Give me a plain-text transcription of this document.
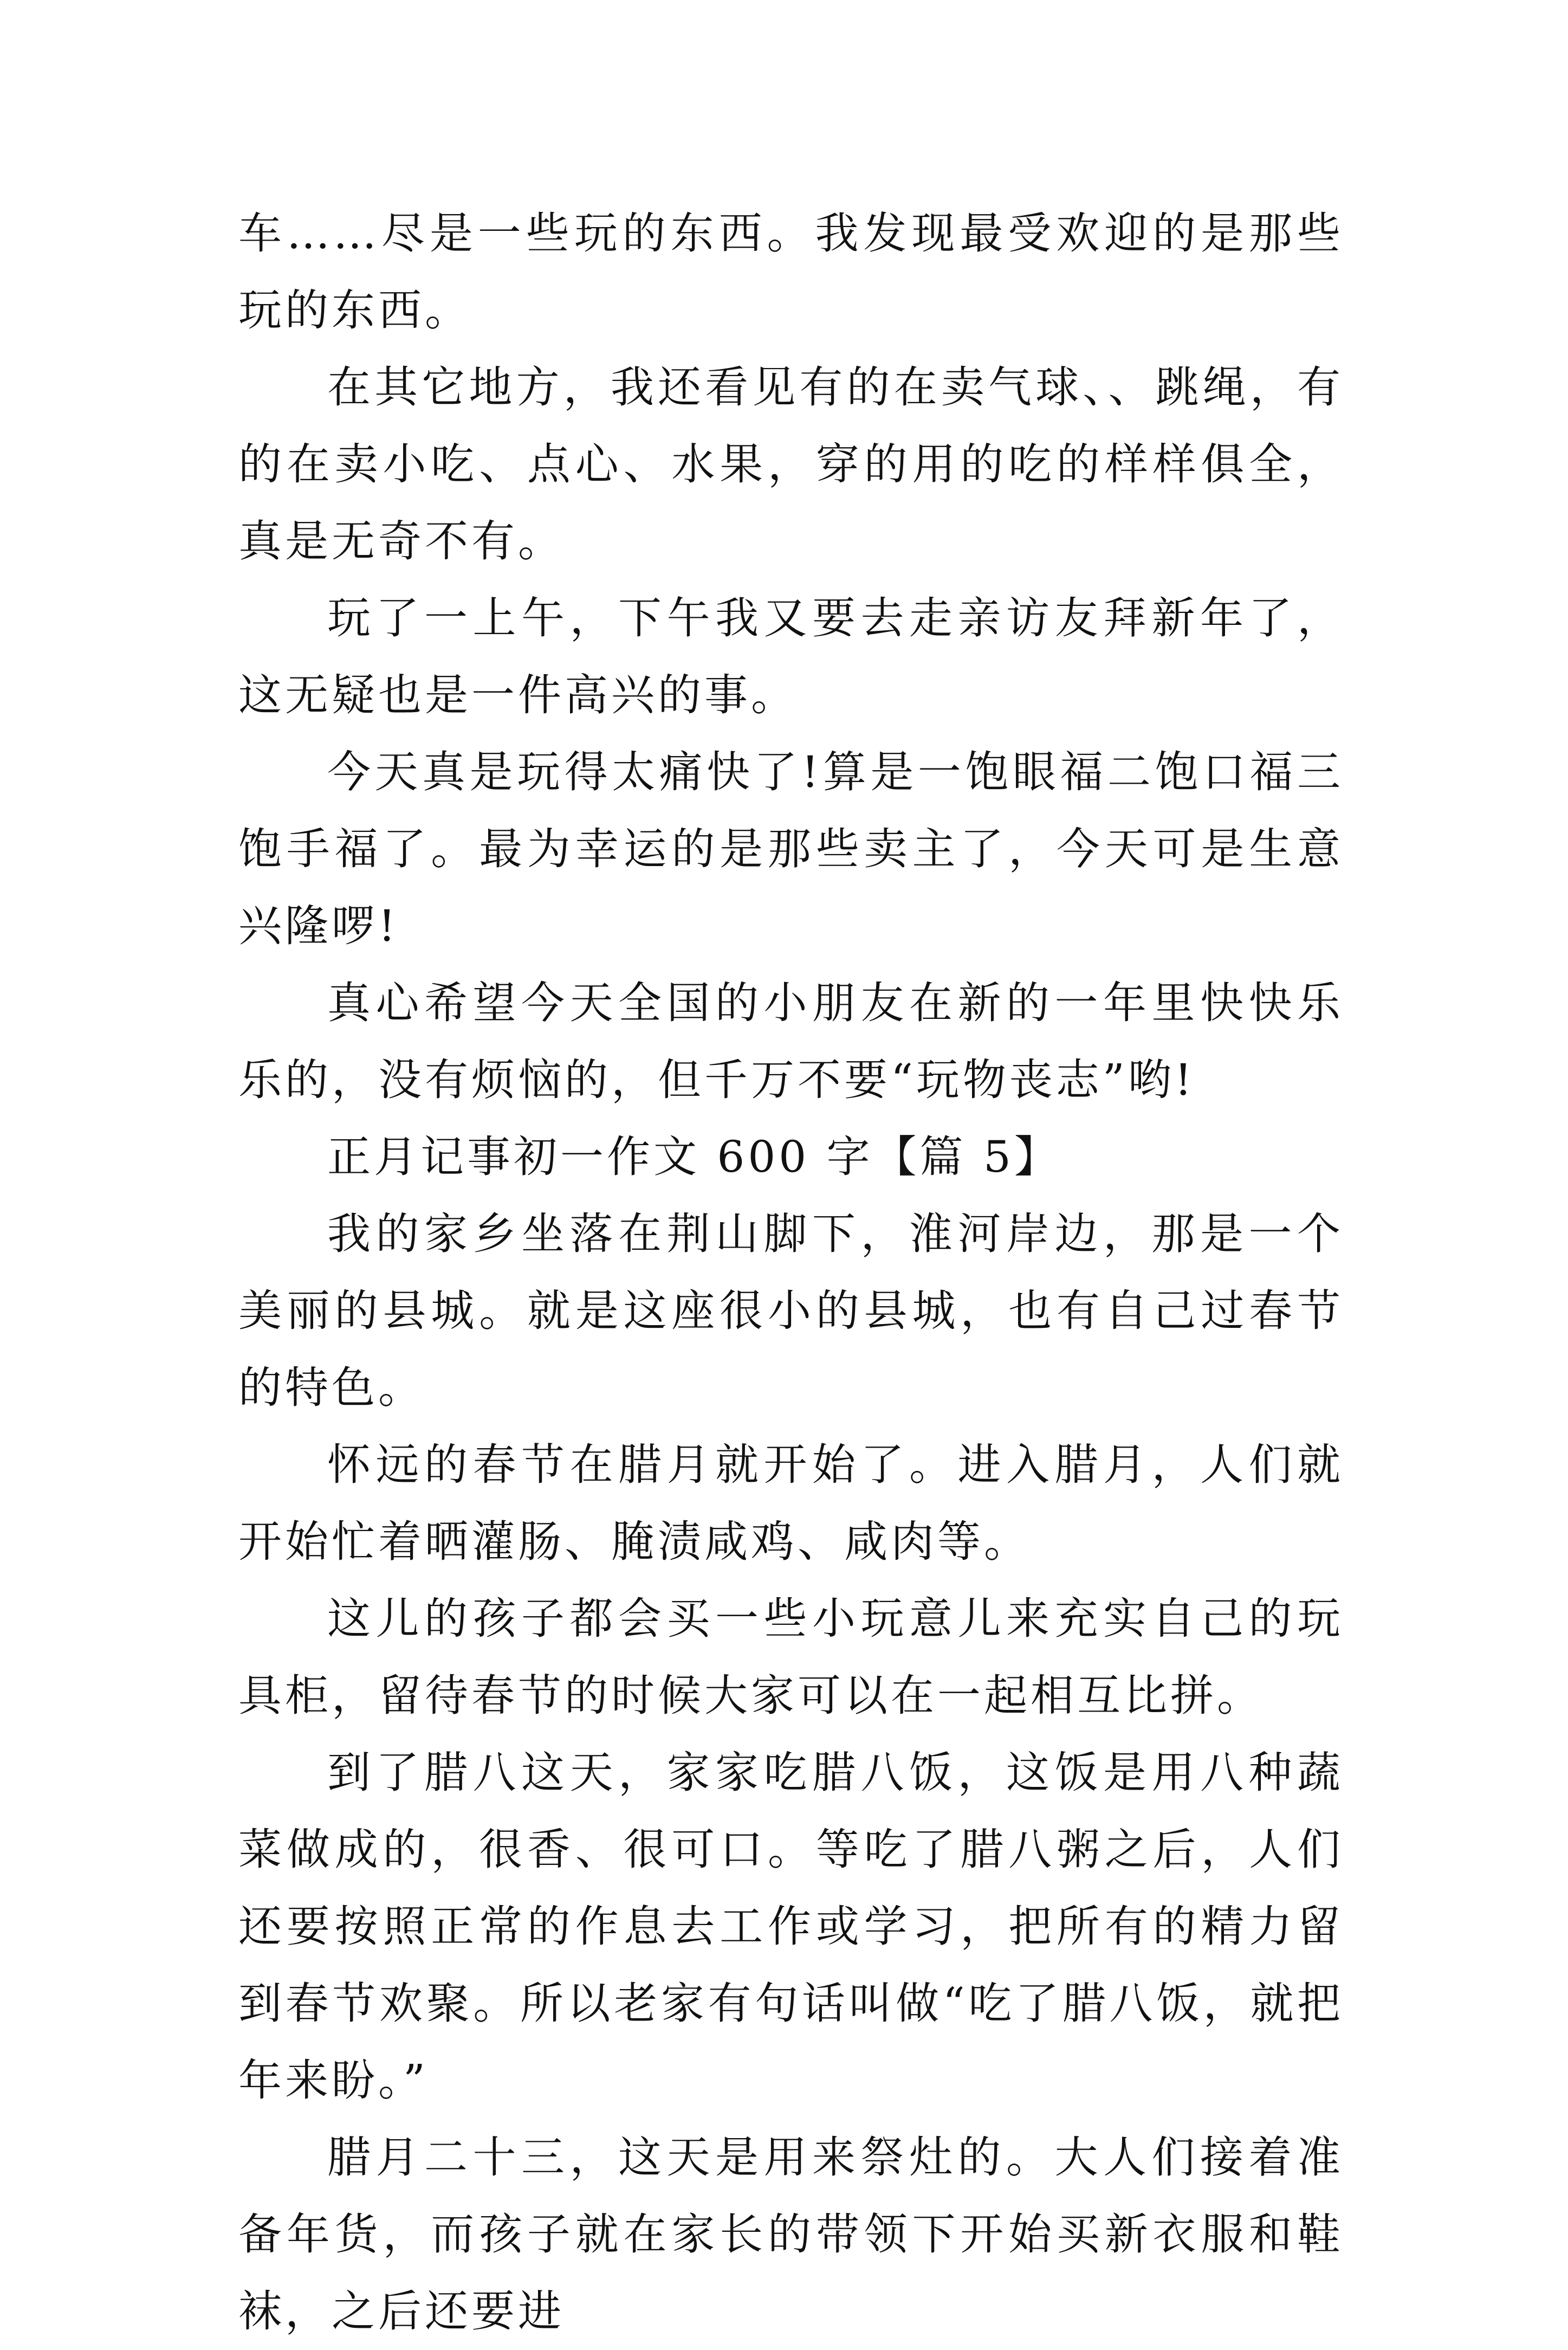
车……尽是一些玩的东西。我发现最受欢迎的是那些玩的东西。

在其它地方，我还看见有的在卖气球、、跳绳，有的在卖小吃、点心、水果，穿的用的吃的样样俱全，真是无奇不有。

玩了一上午，下午我又要去走亲访友拜新年了，这无疑也是一件高兴的事。

今天真是玩得太痛快了!算是一饱眼福二饱口福三饱手福了。最为幸运的是那些卖主了，今天可是生意兴隆啰!

真心希望今天全国的小朋友在新的一年里快快乐乐的，没有烦恼的，但千万不要“玩物丧志”哟!

正月记事初一作文 600 字【篇 5】

我的家乡坐落在荆山脚下，淮河岸边，那是一个美丽的县城。就是这座很小的县城，也有自己过春节的特色。

怀远的春节在腊月就开始了。进入腊月，人们就开始忙着晒灌肠、腌渍咸鸡、咸肉等。

这儿的孩子都会买一些小玩意儿来充实自己的玩具柜，留待春节的时候大家可以在一起相互比拼。

到了腊八这天，家家吃腊八饭，这饭是用八种蔬菜做成的，很香、很可口。等吃了腊八粥之后，人们还要按照正常的作息去工作或学习，把所有的精力留到春节欢聚。所以老家有句话叫做“吃了腊八饭，就把年来盼。”

腊月二十三，这天是用来祭灶的。大人们接着准备年货，而孩子就在家长的带领下开始买新衣服和鞋袜，之后还要进
